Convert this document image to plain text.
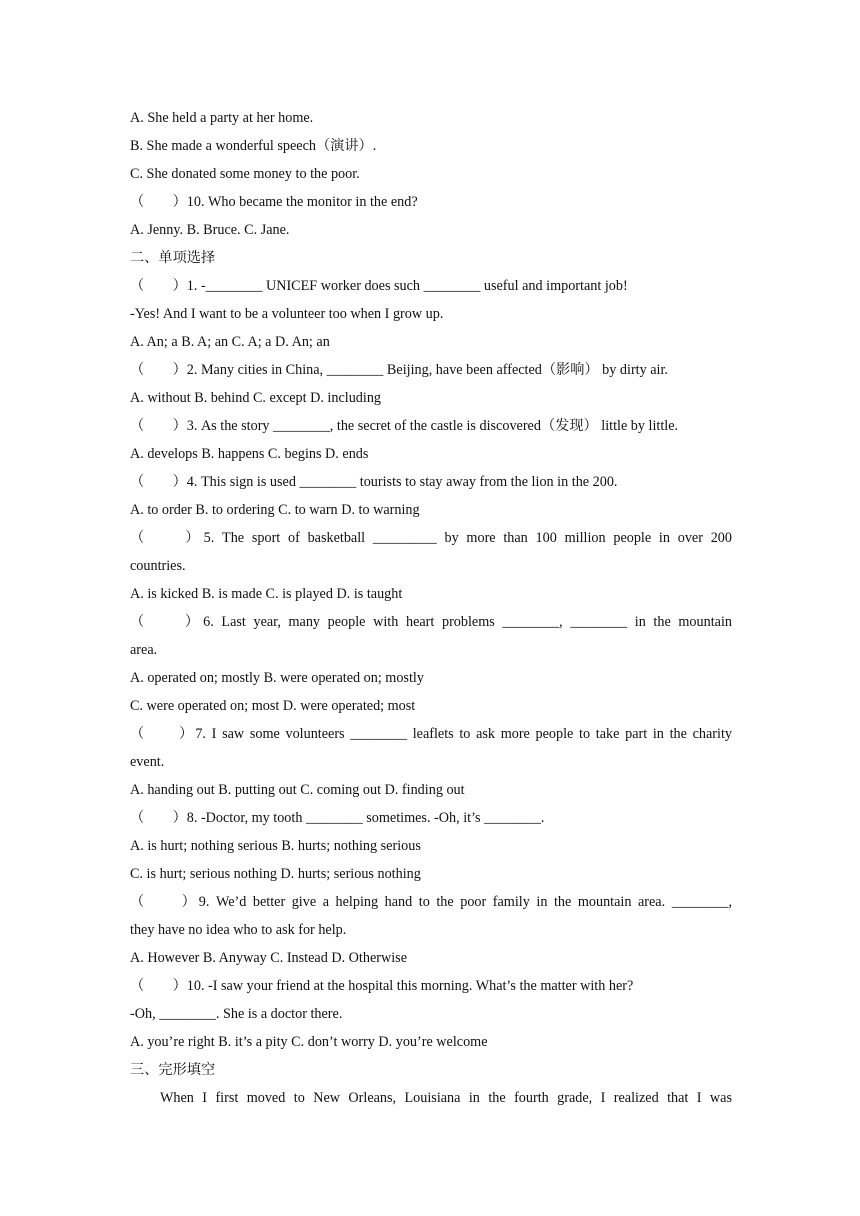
A. She held a party at her home.
B. She made a wonderful speech（演讲）.
C. She donated some money to the poor.
（　　）10. Who became the monitor in the end?
A. Jenny. B. Bruce. C. Jane.
二、单项选择
（　　）1. -________ UNICEF worker does such ________ useful and important job!
-Yes! And I want to be a volunteer too when I grow up.
A. An; a B. A; an C. A; a D. An; an
（　　）2. Many cities in China, ________ Beijing, have been affected（影响） by dirty air.
A. without B. behind C. except D. including
（　　）3. As the story ________, the secret of the castle is discovered（发现） little by little.
A. develops B. happens C. begins D. ends
（　　）4. This sign is used ________ tourists to stay away from the lion in the 200.
A. to order B. to ordering C. to warn D. to warning
（　　）5. The sport of basketball _________ by more than 100 million people in over 200
countries.
A. is kicked B. is made C. is played D. is taught
（　　）6. Last year, many people with heart problems ________, ________ in the mountain
area.
A. operated on; mostly B. were operated on; mostly
C. were operated on; most D. were operated; most
（　　）7. I saw some volunteers ________ leaflets to ask more people to take part in the charity
event.
A. handing out B. putting out C. coming out D. finding out
（　　）8. -Doctor, my tooth ________ sometimes. -Oh, it’s ________.
A. is hurt; nothing serious B. hurts; nothing serious
C. is hurt; serious nothing D. hurts; serious nothing
（　　）9. We’d better give a helping hand to the poor family in the mountain area. ________,
they have no idea who to ask for help.
A. However B. Anyway C. Instead D. Otherwise
（　　）10. -I saw your friend at the hospital this morning. What’s the matter with her?
-Oh, ________. She is a doctor there.
A. you’re right B. it’s a pity C. don’t worry D. you’re welcome
三、完形填空
When I first moved to New Orleans, Louisiana in the fourth grade, I realized that I was
